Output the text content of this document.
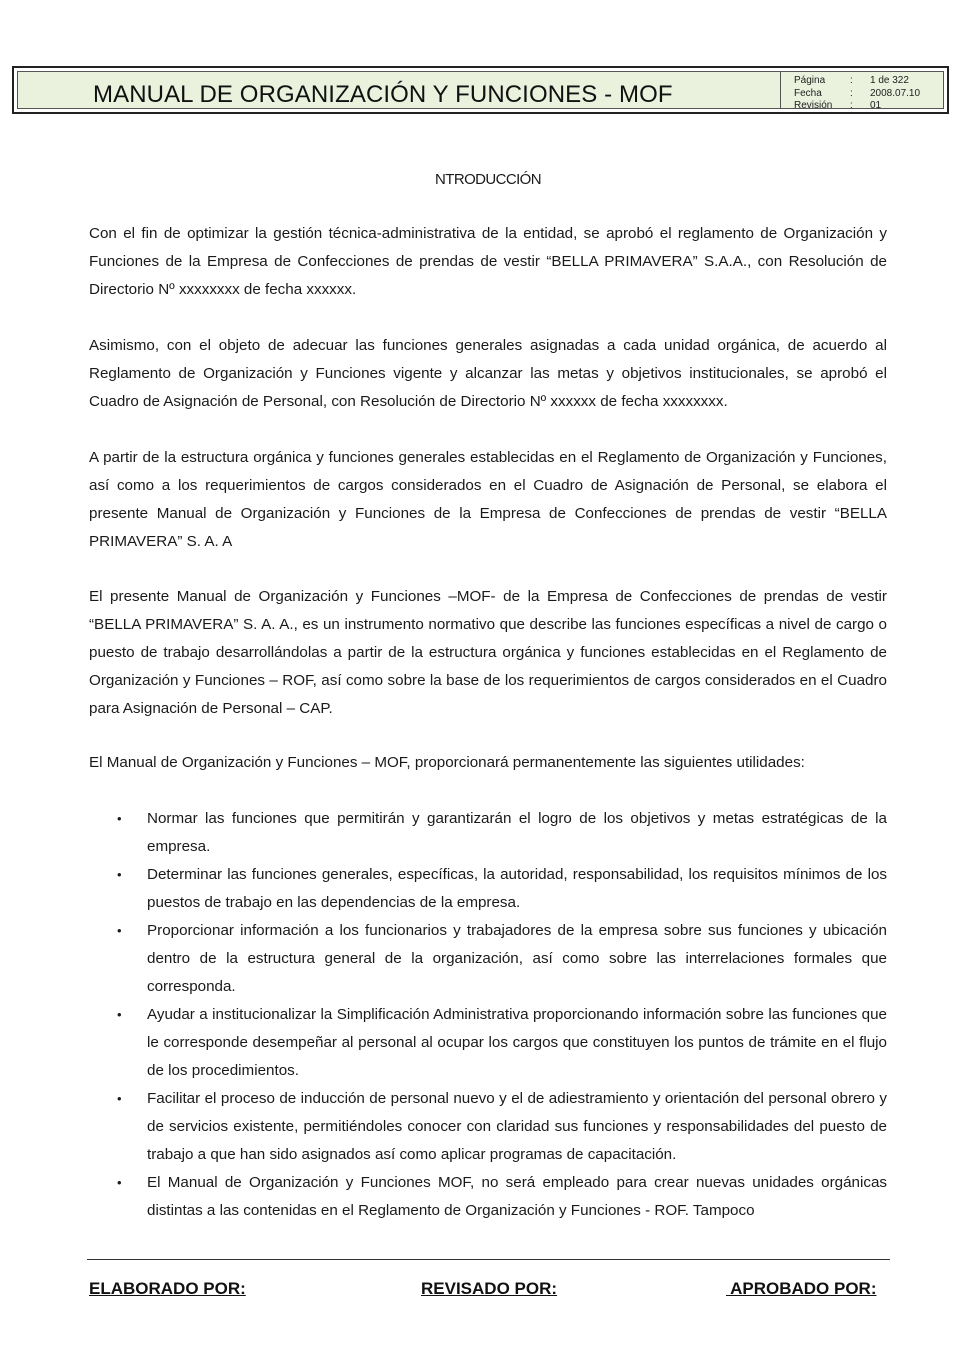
MANUAL DE ORGANIZACIÓN Y FUNCIONES - MOF
Página	:	1 de 322
Fecha	:	2008.07.10
Revisión	:	01
NTRODUCCIÓN

Con el fin de optimizar la gestión técnica-administrativa de la entidad, se aprobó el reglamento de Organización y Funciones de la Empresa de Confecciones de prendas de vestir “BELLA PRIMAVERA” S.A.A., con Resolución de Directorio Nº xxxxxxxx de fecha xxxxxx.

Asimismo, con el objeto de adecuar las funciones generales asignadas a cada unidad orgánica, de acuerdo al Reglamento de Organización y Funciones vigente y alcanzar las metas y objetivos institucionales, se aprobó el Cuadro de Asignación de Personal, con Resolución de Directorio Nº xxxxxx de fecha xxxxxxxx.

A partir de la estructura orgánica y funciones generales establecidas en el Reglamento de Organización y Funciones, así como a los requerimientos de cargos considerados en el Cuadro de Asignación de Personal, se elabora el presente Manual de Organización y Funciones de la Empresa de Confecciones de prendas de vestir “BELLA PRIMAVERA” S. A. A

El presente Manual de Organización y Funciones –MOF- de la Empresa de Confecciones de prendas de vestir “BELLA PRIMAVERA” S. A. A., es un instrumento normativo que describe las funciones específicas a nivel de cargo o puesto de trabajo desarrollándolas a partir de la estructura orgánica y funciones establecidas en el Reglamento de Organización y Funciones – ROF, así como sobre la base de los requerimientos de cargos considerados en el Cuadro para Asignación de Personal – CAP.

El Manual de Organización y Funciones – MOF, proporcionará permanentemente las siguientes utilidades:

• Normar las funciones que permitirán y garantizarán el logro de los objetivos y metas estratégicas de la empresa.
• Determinar las funciones generales, específicas, la autoridad, responsabilidad, los requisitos mínimos de los puestos de trabajo en las dependencias de la empresa.
• Proporcionar información a los funcionarios y trabajadores de la empresa sobre sus funciones y ubicación dentro de la estructura general de la organización, así como sobre las interrelaciones formales que corresponda.
• Ayudar a institucionalizar la Simplificación Administrativa proporcionando información sobre las funciones que le corresponde desempeñar al personal al ocupar los cargos que constituyen los puntos de trámite en el flujo de los procedimientos.
• Facilitar el proceso de inducción de personal nuevo y el de adiestramiento y orientación del personal obrero y de servicios existente, permitiéndoles conocer con claridad sus funciones y responsabilidades del puesto de trabajo a que han sido asignados así como aplicar programas de capacitación.
• El Manual de Organización y Funciones MOF, no será empleado para crear nuevas unidades orgánicas distintas a las contenidas en el Reglamento de Organización y Funciones - ROF. Tampoco
ELABORADO POR:	REVISADO POR:	APROBADO POR:
